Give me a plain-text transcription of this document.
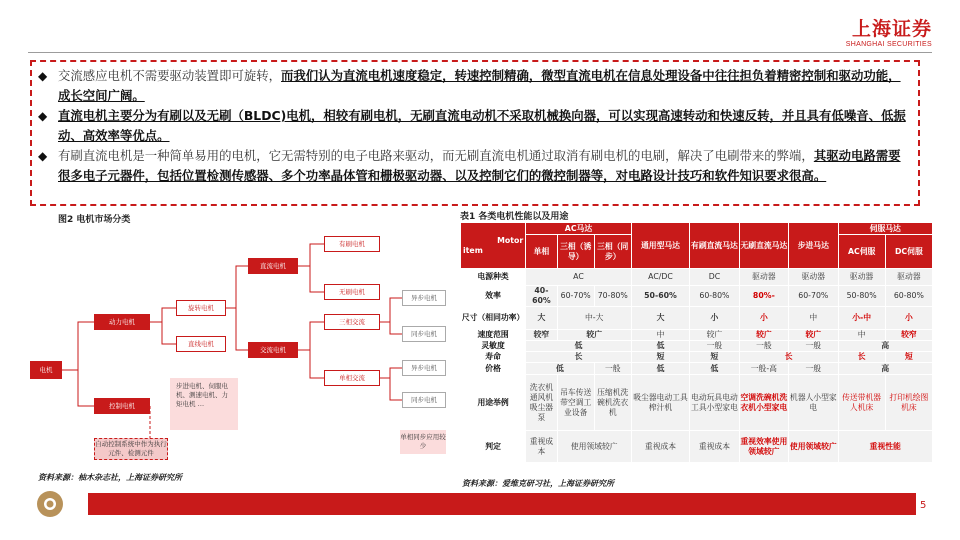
上海证券
SHANGHAI SECURITIES
◆ 交流感应电机不需要驱动装置即可旋转，而我们认为直流电机速度稳定，转速控制精确，微型直流电机在信息处理设备中往往担负着精密控制和驱动功能，成长空间广阔。
◆ 直流电机主要分为有刷以及无刷（BLDC)电机，相较有刷电机，无刷直流电动机不采取机械换向器，可以实现高速转动和快速反转，并且具有低噪音、低振动、高效率等优点。
◆ 有刷直流电机是一种简单易用的电机，它无需特别的电子电路来驱动，而无刷直流电机通过取消有刷电机的电刷，解决了电刷带来的弊端，其驱动电路需要很多电子元器件，包括位置检测传感器、多个功率晶体管和栅极驱动器、以及控制它们的微控制器等，对电路设计技巧和软件知识要求很高。
图2 电机市场分类
电机
动力电机
控制电机
旋转电机
直线电机
直流电机
交流电机
有刷电机
无刷电机
三相交流
单相交流
异步电机
同步电机
异步电机
同步电机
步进电机、伺服电机、测速电机、力矩电机 …
自动控制系统中作为执行元件、检测元件
单相同步应用较少
资料来源：柚木杂志社，上海证券研究所
表1 各类电机性能以及用途
Motor
item	AC马达			通用型马达	有刷直流马达	无刷直流马达	步进马达	伺服马达	
	单相	三相（诱导）	三相（同步）					AC伺服	DC伺服
电源种类	AC			AC/DC	DC	驱动器	驱动器	驱动器	驱动器
效率	40-60%	60-70%	70-80%	50-60%	60-80%	80%-	60-70%	50-80%	60-80%
尺寸（相同功率）	大	中-大		大	小	小	中	小-中	小
速度范围	较窄	较广		中	较广	较广	较广	中	较窄
灵敏度	低			低	一般	一般	一般	高	
寿命	长			短	短	长		长	短
价格	低		一般	低	低	一般-高	一般	高	
用途举例	洗衣机通风机吸尘器泵	吊车传送带空调工业设备	压缩机洗碗机洗衣机	吸尘器电动工具榨汁机	电动玩具电动工具小型家电	空调洗碗机洗衣机小型家电	机器人小型家电	传送带机器人机床	打印机绘图机床
判定	重视成本	使用领域较广		重视成本	重视成本	重视效率使用领域较广	使用领域较广	重视性能	
资料来源：爱维克研习社，上海证券研究所
5
